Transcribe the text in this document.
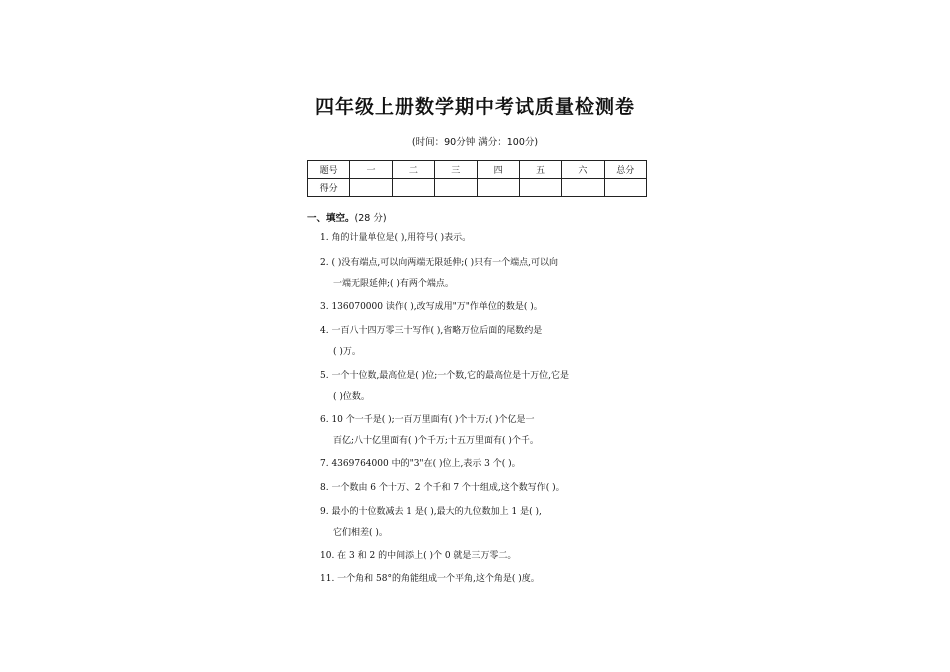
四年级上册数学期中考试质量检测卷
(时间：90分钟 满分：100分)
题号	一	二	三	四	五	六	总分
得分							
一、填空。(28 分)
1. 角的计量单位是( ),用符号( )表示。
2. ( )没有端点,可以向两端无限延伸;( )只有一个端点,可以向
一端无限延伸;( )有两个端点。
3. 136070000 读作( ),改写成用"万"作单位的数是( )。
4. 一百八十四万零三十写作( ),省略万位后面的尾数约是
( )万。
5. 一个十位数,最高位是( )位;一个数,它的最高位是十万位,它是
( )位数。
6. 10 个一千是( );一百万里面有( )个十万;( )个亿是一
百亿;八十亿里面有( )个千万;十五万里面有( )个千。
7. 4369764000 中的"3"在( )位上,表示 3 个( )。
8. 一个数由 6 个十万、2 个千和 7 个十组成,这个数写作( )。
9. 最小的十位数减去 1 是( ),最大的九位数加上 1 是( ),
它们相差( )。
10. 在 3 和 2 的中间添上( )个 0 就是三万零二。
11. 一个角和 58°的角能组成一个平角,这个角是( )度。
